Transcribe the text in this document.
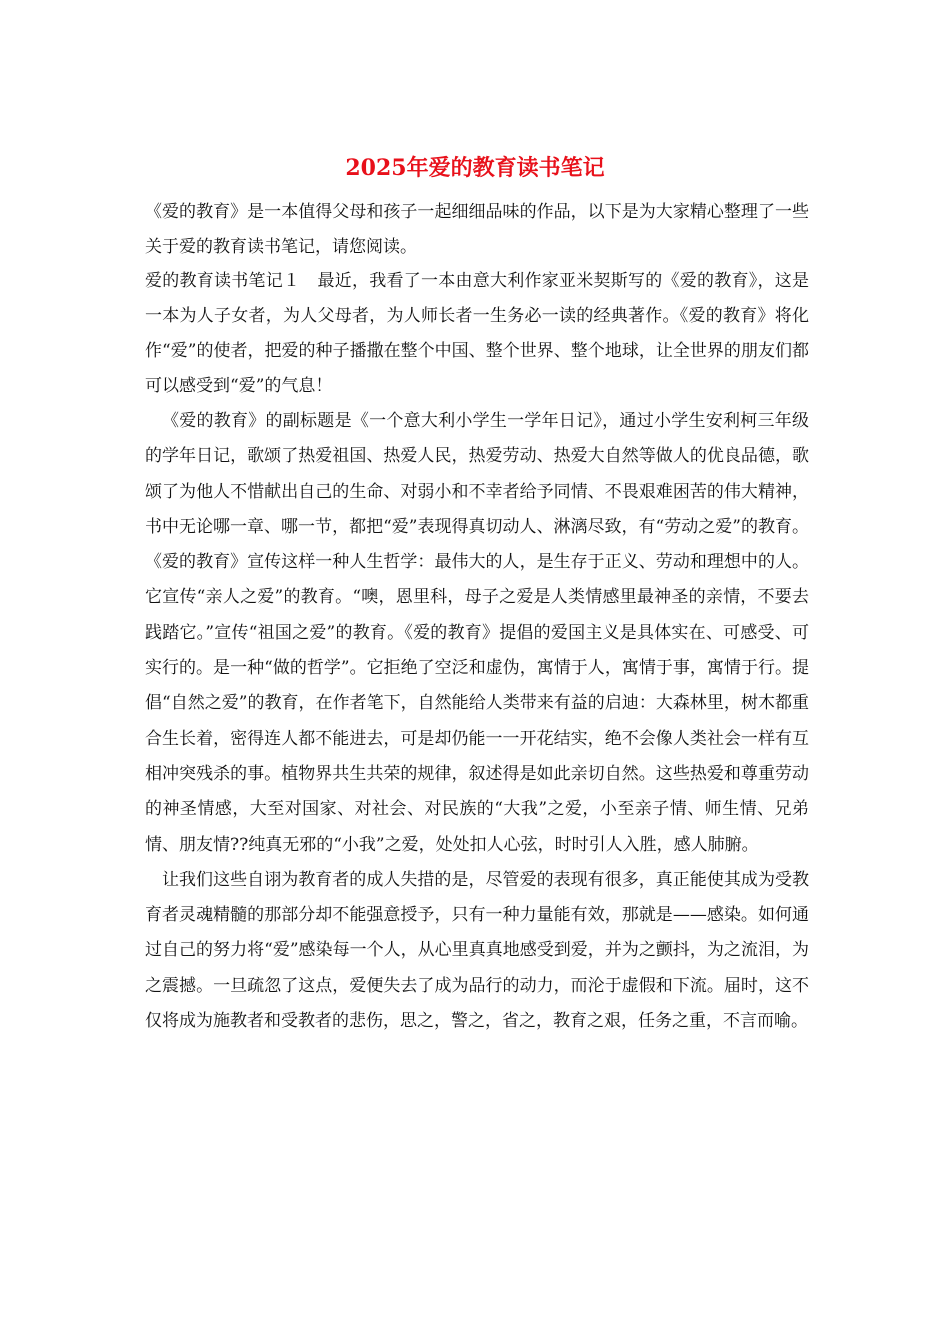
2025年爱的教育读书笔记

《爱的教育》是一本值得父母和孩子一起细细品味的作品，以下是为大家精心整理了一些关于爱的教育读书笔记，请您阅读。

爱的教育读书笔记１　最近，我看了一本由意大利作家亚米契斯写的《爱的教育》，这是一本为人子女者，为人父母者，为人师长者一生务必一读的经典著作。《爱的教育》将化作“爱”的使者，把爱的种子播撒在整个中国、整个世界、整个地球，让全世界的朋友们都可以感受到“爱”的气息！

《爱的教育》的副标题是《一个意大利小学生一学年日记》，通过小学生安利柯三年级的学年日记，歌颂了热爱祖国、热爱人民，热爱劳动、热爱大自然等做人的优良品德，歌颂了为他人不惜献出自己的生命、对弱小和不幸者给予同情、不畏艰难困苦的伟大精神，书中无论哪一章、哪一节，都把“爱”表现得真切动人、淋漓尽致，有“劳动之爱”的教育。《爱的教育》宣传这样一种人生哲学：最伟大的人，是生存于正义、劳动和理想中的人。它宣传“亲人之爱”的教育。“噢，恩里科，母子之爱是人类情感里最神圣的亲情，不要去践踏它。”宣传“祖国之爱”的教育。《爱的教育》提倡的爱国主义是具体实在、可感受、可实行的。是一种“做的哲学”。它拒绝了空泛和虚伪，寓情于人，寓情于事，寓情于行。提倡“自然之爱”的教育，在作者笔下，自然能给人类带来有益的启迪：大森林里，树木都重合生长着，密得连人都不能进去，可是却仍能一一开花结实，绝不会像人类社会一样有互相冲突残杀的事。植物界共生共荣的规律，叙述得是如此亲切自然。这些热爱和尊重劳动的神圣情感，大至对国家、对社会、对民族的“大我”之爱，小至亲子情、师生情、兄弟情、朋友情??纯真无邪的“小我”之爱，处处扣人心弦，时时引人入胜，感人肺腑。

让我们这些自诩为教育者的成人失措的是，尽管爱的表现有很多，真正能使其成为受教育者灵魂精髓的那部分却不能强意授予，只有一种力量能有效，那就是——感染。如何通过自己的努力将“爱”感染每一个人，从心里真真地感受到爱，并为之颤抖，为之流泪，为之震撼。一旦疏忽了这点，爱便失去了成为品行的动力，而沦于虚假和下流。届时，这不仅将成为施教者和受教者的悲伤，思之，警之，省之，教育之艰，任务之重，不言而喻。
